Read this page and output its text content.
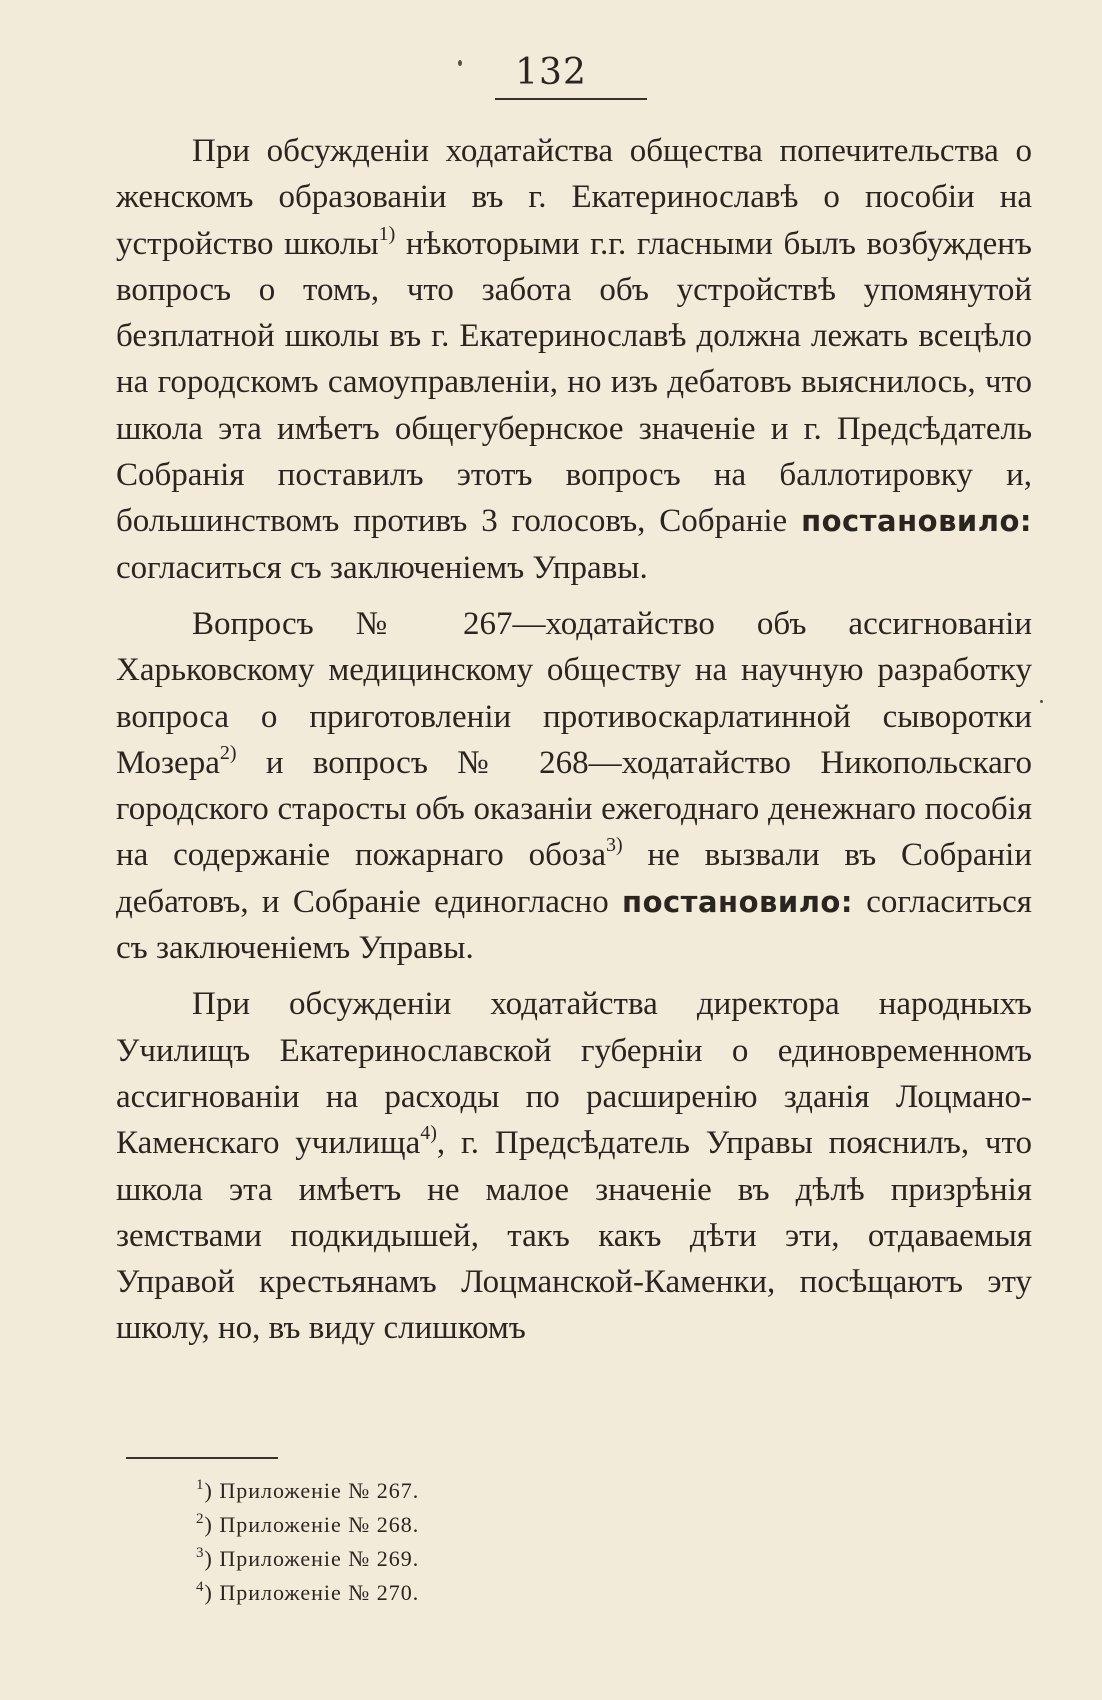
132

При обсужденіи ходатайства общества попечительства о женскомъ образованіи въ г. Екатеринославѣ о пособіи на устройство школы$^{1)}$ нѣкоторыми г.г. гласными былъ возбужденъ вопросъ о томъ, что забота объ устройствѣ упомянутой безплатной школы въ г. Екатеринославѣ должна лежать всецѣло на городскомъ самоуправленіи, но изъ дебатовъ выяснилось, что школа эта имѣетъ общегубернское значеніе и г. Предсѣдатель Собранія поставилъ этотъ вопросъ на баллотировку и, большинствомъ противъ 3 голосовъ, Собраніе постановило: согласиться съ заключеніемъ Управы.

Вопросъ № 267—ходатайство объ ассигнованіи Харьковскому медицинскому обществу на научную разработку вопроса о приготовленіи противоскарлатинной сыворотки Мозера$^{2)}$ и вопросъ № 268—ходатайство Никопольскаго городского старосты объ оказаніи ежегоднаго денежнаго пособія на содержаніе пожарнаго обоза$^{3)}$ не вызвали въ Собраніи дебатовъ, и Собраніе единогласно постановило: согласиться съ заключеніемъ Управы.

При обсужденіи ходатайства директора народныхъ Училищъ Екатеринославской губерніи о единовременномъ ассигнованіи на расходы по расширенію зданія Лоцмано-Каменскаго училища$^{4)}$, г. Предсѣдатель Управы пояснилъ, что школа эта имѣетъ не малое значеніе въ дѣлѣ призрѣнія земствами подкидышей, такъ какъ дѣти эти, отдаваемыя Управой крестьянамъ Лоцманской-Каменки, посѣщаютъ эту школу, но, въ виду слишкомъ

$^1$) Приложеніе № 267.
$^2$) Приложеніе № 268.
$^3$) Приложеніе № 269.
$^4$) Приложеніе № 270.
